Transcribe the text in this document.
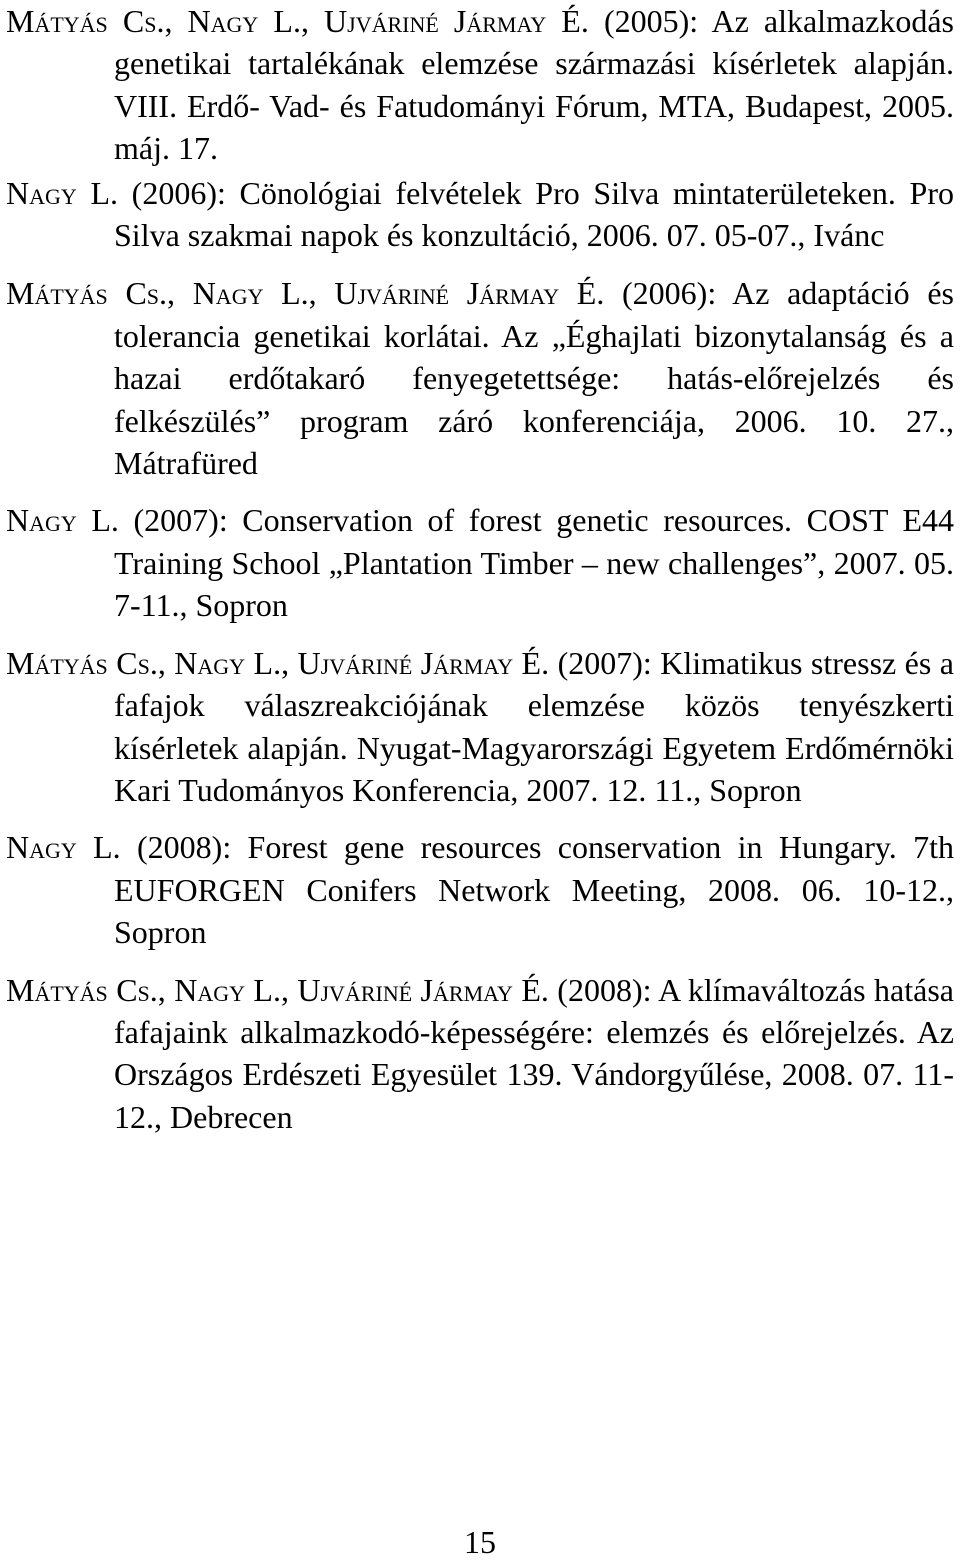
Mátyás Cs., Nagy L., Ujváriné Jármay É. (2005): Az alkalmazkodás genetikai tartalékának elemzése származási kísérletek alapján. VIII. Erdő- Vad- és Fatudományi Fórum, MTA, Budapest, 2005. máj. 17.

Nagy L. (2006): Cönológiai felvételek Pro Silva mintaterületeken. Pro Silva szakmai napok és konzultáció, 2006. 07. 05-07., Ivánc

Mátyás Cs., Nagy L., Ujváriné Jármay É. (2006): Az adaptáció és tolerancia genetikai korlátai. Az „Éghajlati bizonytalanság és a hazai erdőtakaró fenyegetettsége: hatás-előrejelzés és felkészülés” program záró konferenciája, 2006. 10. 27., Mátrafüred

Nagy L. (2007): Conservation of forest genetic resources. COST E44 Training School „Plantation Timber – new challenges”, 2007. 05. 7-11., Sopron

Mátyás Cs., Nagy L., Ujváriné Jármay É. (2007): Klimatikus stressz és a fafajok válaszreakciójának elemzése közös tenyészkerti kísérletek alapján. Nyugat-Magyarországi Egyetem Erdőmérnöki Kari Tudományos Konferencia, 2007. 12. 11., Sopron

Nagy L. (2008): Forest gene resources conservation in Hungary. 7th EUFORGEN Conifers Network Meeting, 2008. 06. 10-12., Sopron

Mátyás Cs., Nagy L., Ujváriné Jármay É. (2008): A klímaváltozás hatása fafajaink alkalmazkodó-képességére: elemzés és előrejelzés. Az Országos Erdészeti Egyesület 139. Vándorgyűlése, 2008. 07. 11-12., Debrecen

15
